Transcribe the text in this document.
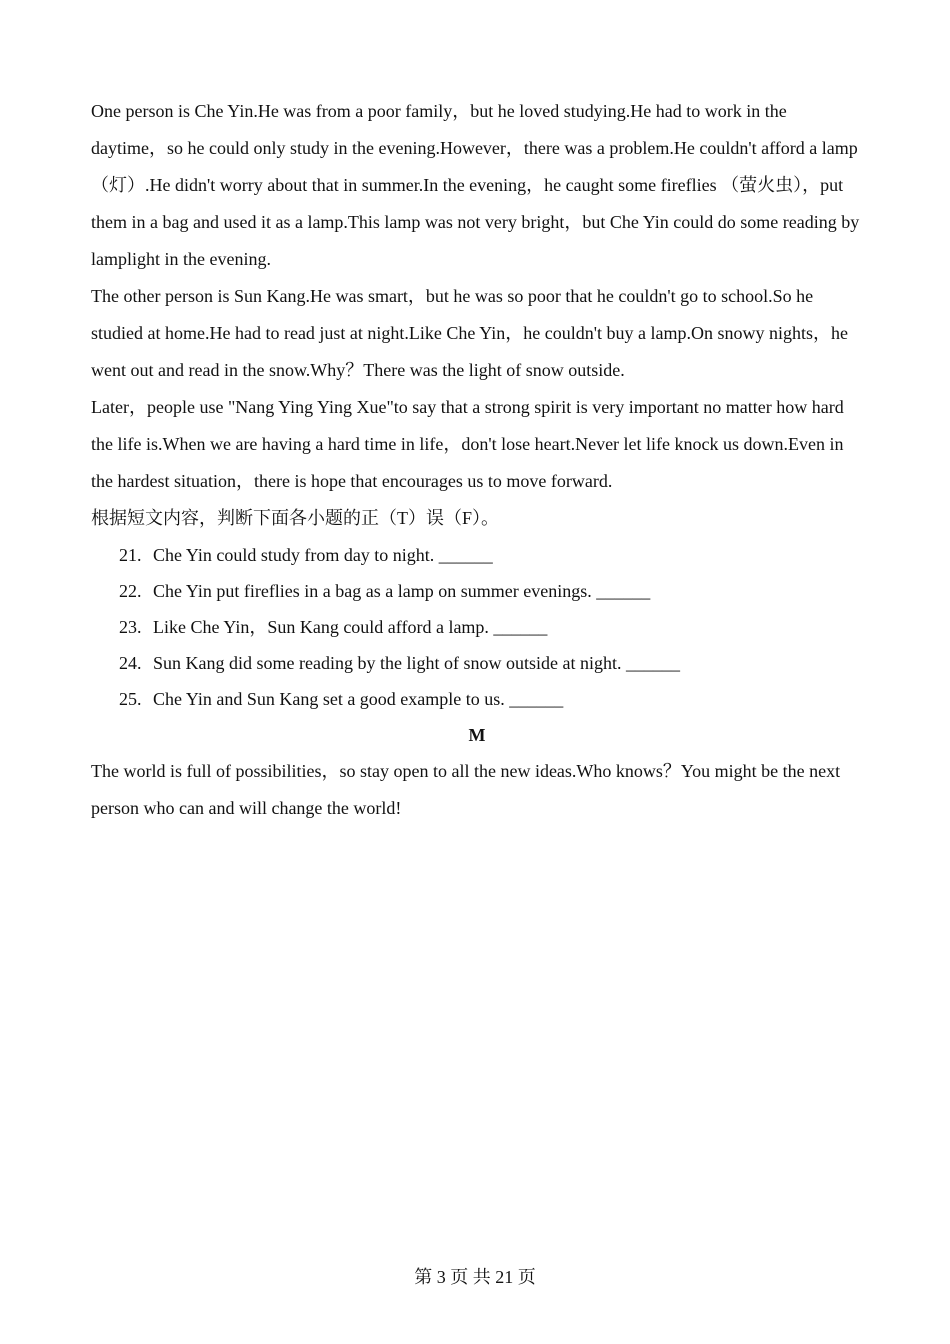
One person is Che Yin.He was from a poor family，but he loved studying.He had to work in the daytime，so he could only study in the evening.However，there was a problem.He couldn't afford a lamp（灯）.He didn't worry about that in summer.In the evening，he caught some fireflies （萤火虫），put them in a bag and used it as a lamp.This lamp was not very bright，but Che Yin could do some reading by lamplight in the evening.

The other person is Sun Kang.He was smart，but he was so poor that he couldn't go to school.So he studied at home.He had to read just at night.Like Che Yin，he couldn't buy a lamp.On snowy nights，he went out and read in the snow.Why？There was the light of snow outside.

Later，people use "Nang Ying Ying Xue"to say that a strong spirit is very important no matter how hard the life is.When we are having a hard time in life，don't lose heart.Never let life knock us down.Even in the hardest situation，there is hope that encourages us to move forward.

根据短文内容，判断下面各小题的正（T）误（F）。

21. Che Yin could study from day to night. ______
22. Che Yin put fireflies in a bag as a lamp on summer evenings. ______
23. Like Che Yin，Sun Kang could afford a lamp. ______
24. Sun Kang did some reading by the light of snow outside at night. ______
25. Che Yin and Sun Kang set a good example to us. ______

M

The world is full of possibilities，so stay open to all the new ideas.Who knows？You might be the next person who can and will change the world!

第 3 页 共 21 页
